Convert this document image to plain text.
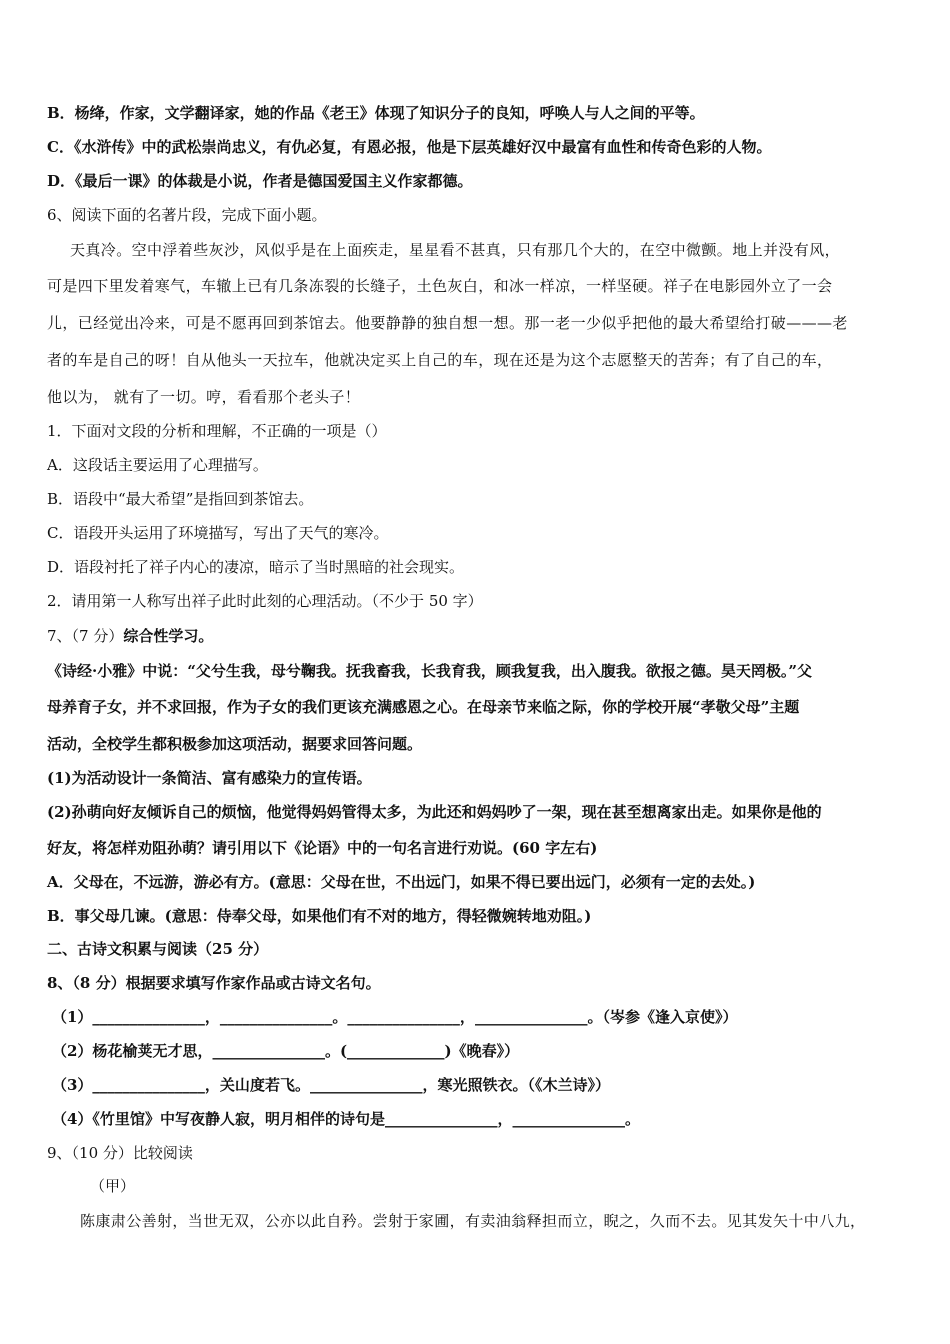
B．杨绛，作家，文学翻译家，她的作品《老王》体现了知识分子的良知，呼唤人与人之间的平等。
C．《水浒传》中的武松崇尚忠义，有仇必复，有恩必报，他是下层英雄好汉中最富有血性和传奇色彩的人物。
D．《最后一课》的体裁是小说，作者是德国爱国主义作家都德。
6、阅读下面的名著片段，完成下面小题。
天真冷。空中浮着些灰沙，风似乎是在上面疾走，星星看不甚真，只有那几个大的，在空中微颤。地上并没有风，
可是四下里发着寒气，车辙上已有几条冻裂的长缝子，土色灰白，和冰一样凉，一样坚硬。祥子在电影园外立了一会
儿，已经觉出冷来，可是不愿再回到茶馆去。他要静静的独自想一想。那一老一少似乎把他的最大希望给打破———老
者的车是自己的呀！自从他头一天拉车，他就决定买上自己的车，现在还是为这个志愿整天的苦奔；有了自己的车，
他以为， 就有了一切。哼，看看那个老头子！
1．下面对文段的分析和理解，不正确的一项是（）
A．这段话主要运用了心理描写。
B．语段中“最大希望”是指回到茶馆去。
C．语段开头运用了环境描写，写出了天气的寒冷。
D．语段衬托了祥子内心的凄凉，暗示了当时黑暗的社会现实。
2．请用第一人称写出祥子此时此刻的心理活动。（不少于 50 字）
7、（7 分）综合性学习。
《诗经·小雅》中说：“父兮生我，母兮鞠我。抚我畜我，长我育我，顾我复我，出入腹我。欲报之德。昊天罔极。”父
母养育子女，并不求回报，作为子女的我们更该充满感恩之心。在母亲节来临之际，你的学校开展“孝敬父母”主题
活动，全校学生都积极参加这项活动，据要求回答问题。
(1)为活动设计一条简洁、富有感染力的宣传语。
(2)孙萌向好友倾诉自己的烦恼，他觉得妈妈管得太多，为此还和妈妈吵了一架，现在甚至想离家出走。如果你是他的
好友，将怎样劝阻孙萌？请引用以下《论语》中的一句名言进行劝说。(60 字左右)
A．父母在，不远游，游必有方。(意思：父母在世，不出远门，如果不得已要出远门，必须有一定的去处。)
B．事父母几谏。(意思：侍奉父母，如果他们有不对的地方，得轻微婉转地劝阻。)
二、古诗文积累与阅读（25 分）
8、（8 分）根据要求填写作家作品或古诗文名句。
（1）_______________，_______________。_______________，_______________。（岑参《逢入京使》）
（2）杨花榆荚无才思，_______________。(_____________)《晚春》）
（3）_______________，关山度若飞。_______________，寒光照铁衣。（《木兰诗》）
（4）《竹里馆》中写夜静人寂，明月相伴的诗句是_______________，_______________。
9、（10 分）比较阅读
（甲）
陈康肃公善射，当世无双，公亦以此自矜。尝射于家圃，有卖油翁释担而立，睨之，久而不去。见其发矢十中八九，
